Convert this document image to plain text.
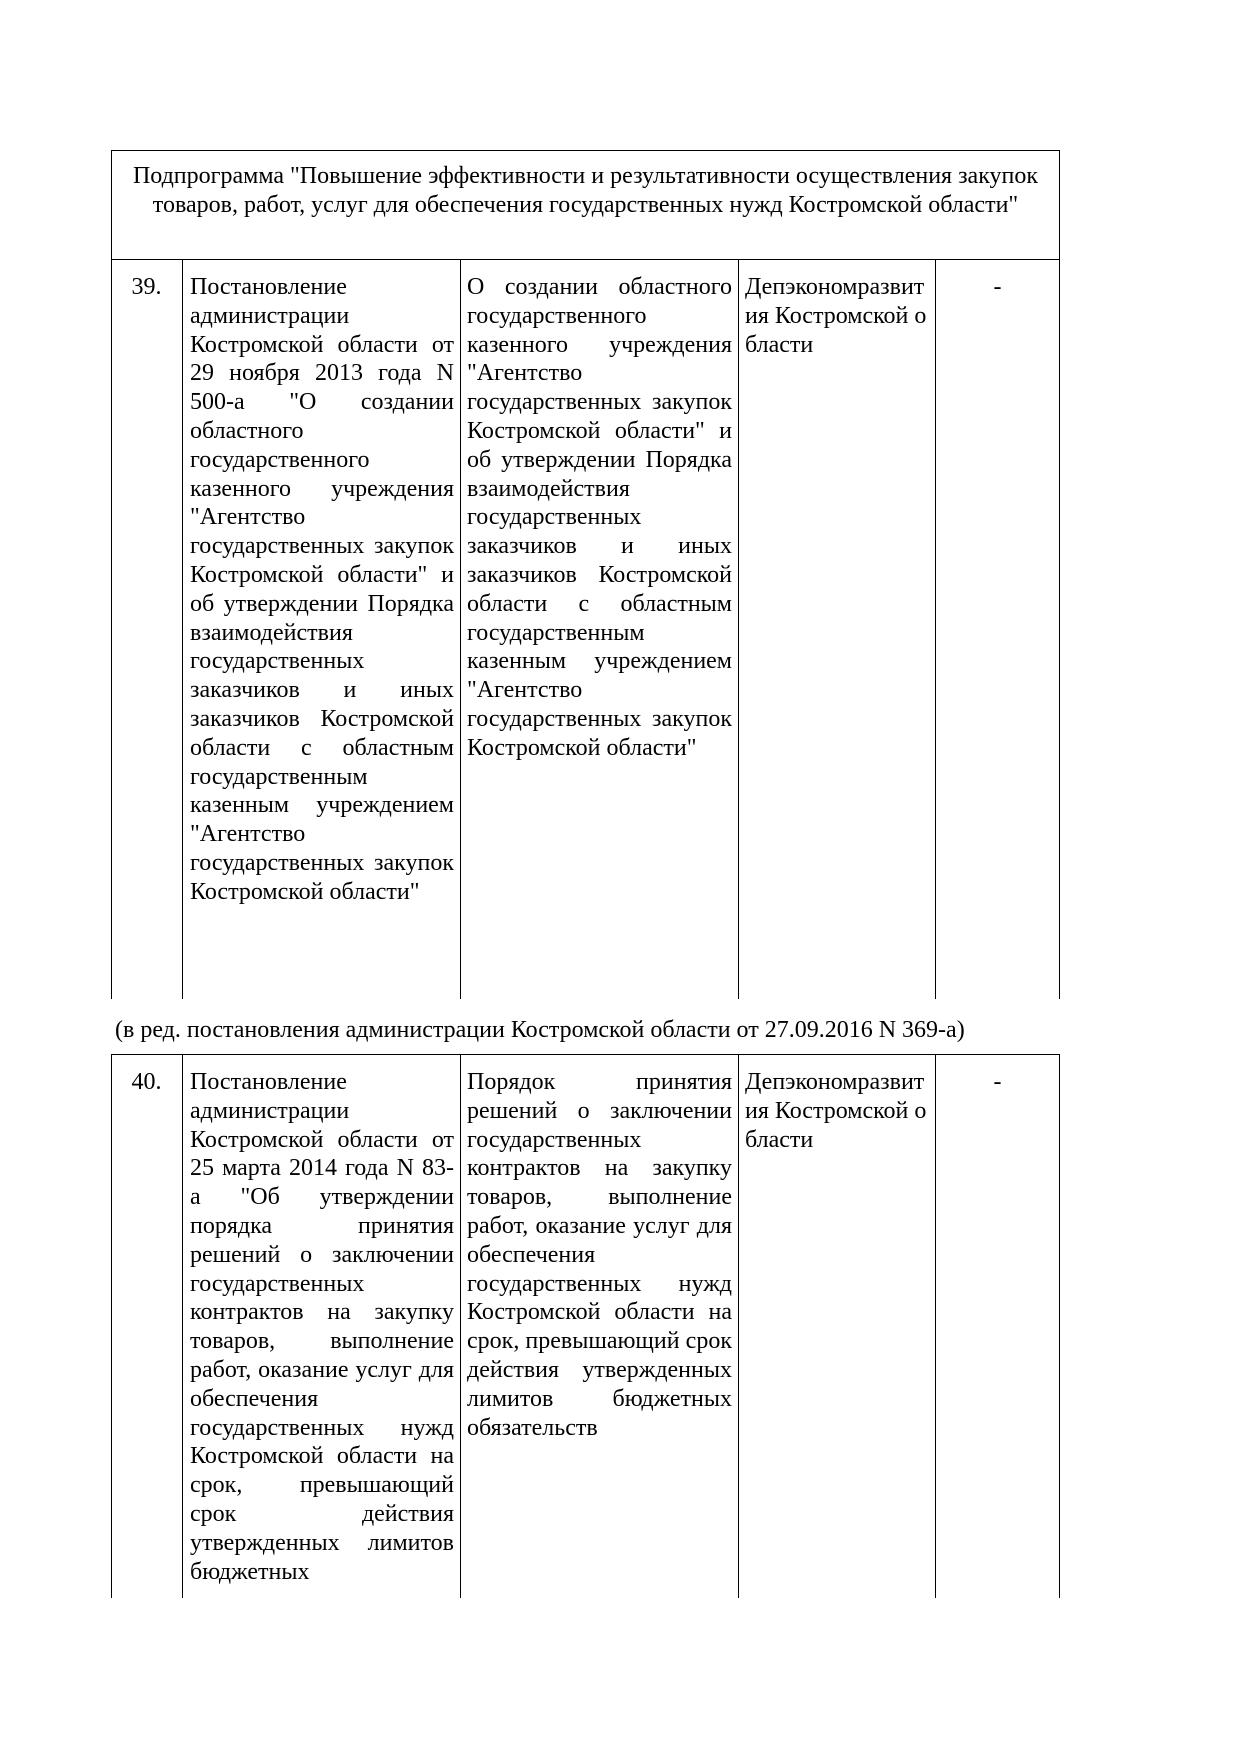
Подпрограмма "Повышение эффективности и результативности осуществления закупок товаров, работ, услуг для обеспечения государственных нужд Костромской области"
39.	Постановление администрации Костромской области от 29 ноября 2013 года N 500-а "О создании областного государственного казенного учреждения "Агентство государственных закупок Костромской области" и об утверждении Порядка взаимодействия государственных заказчиков и иных заказчиков Костромской области с областным государственным казенным учреждением "Агентство государственных закупок Костромской области"
О создании областного государственного казенного учреждения "Агентство государственных закупок Костромской области" и об утверждении Порядка взаимодействия государственных заказчиков и иных заказчиков Костромской области с областным государственным казенным учреждением "Агентство государственных закупок Костромской области"
Депэкономразвития Костромской области
-
(в ред. постановления администрации Костромской области от 27.09.2016 N 369-а)
40.	Постановление администрации Костромской области от 25 марта 2014 года N 83-а "Об утверждении порядка принятия решений о заключении государственных контрактов на закупку товаров, выполнение работ, оказание услуг для обеспечения государственных нужд Костромской области на срок, превышающий срок действия утвержденных лимитов бюджетных
Порядок принятия решений о заключении государственных контрактов на закупку товаров, выполнение работ, оказание услуг для обеспечения государственных нужд Костромской области на срок, превышающий срок действия утвержденных лимитов бюджетных обязательств
Депэкономразвития Костромской области
-
